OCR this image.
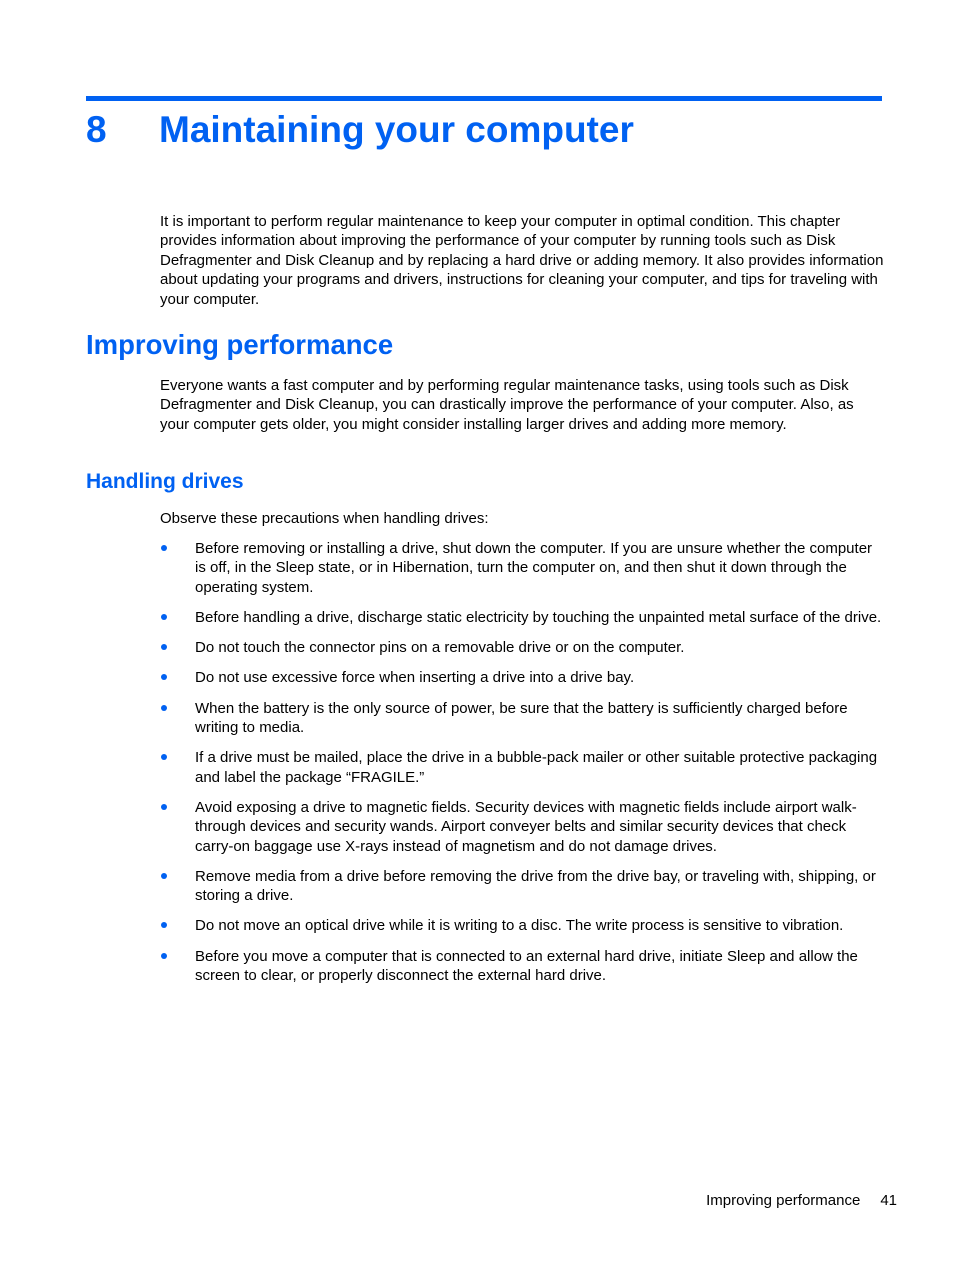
8 Maintaining your computer

It is important to perform regular maintenance to keep your computer in optimal condition. This chapter provides information about improving the performance of your computer by running tools such as Disk Defragmenter and Disk Cleanup and by replacing a hard drive or adding memory. It also provides information about updating your programs and drivers, instructions for cleaning your computer, and tips for traveling with your computer.

Improving performance

Everyone wants a fast computer and by performing regular maintenance tasks, using tools such as Disk Defragmenter and Disk Cleanup, you can drastically improve the performance of your computer. Also, as your computer gets older, you might consider installing larger drives and adding more memory.

Handling drives

Observe these precautions when handling drives:

Before removing or installing a drive, shut down the computer. If you are unsure whether the computer is off, in the Sleep state, or in Hibernation, turn the computer on, and then shut it down through the operating system.
Before handling a drive, discharge static electricity by touching the unpainted metal surface of the drive.
Do not touch the connector pins on a removable drive or on the computer.
Do not use excessive force when inserting a drive into a drive bay.
When the battery is the only source of power, be sure that the battery is sufficiently charged before writing to media.
If a drive must be mailed, place the drive in a bubble-pack mailer or other suitable protective packaging and label the package “FRAGILE.”
Avoid exposing a drive to magnetic fields. Security devices with magnetic fields include airport walk-through devices and security wands. Airport conveyer belts and similar security devices that check carry-on baggage use X-rays instead of magnetism and do not damage drives.
Remove media from a drive before removing the drive from the drive bay, or traveling with, shipping, or storing a drive.
Do not move an optical drive while it is writing to a disc. The write process is sensitive to vibration.
Before you move a computer that is connected to an external hard drive, initiate Sleep and allow the screen to clear, or properly disconnect the external hard drive.
Improving performance 41
